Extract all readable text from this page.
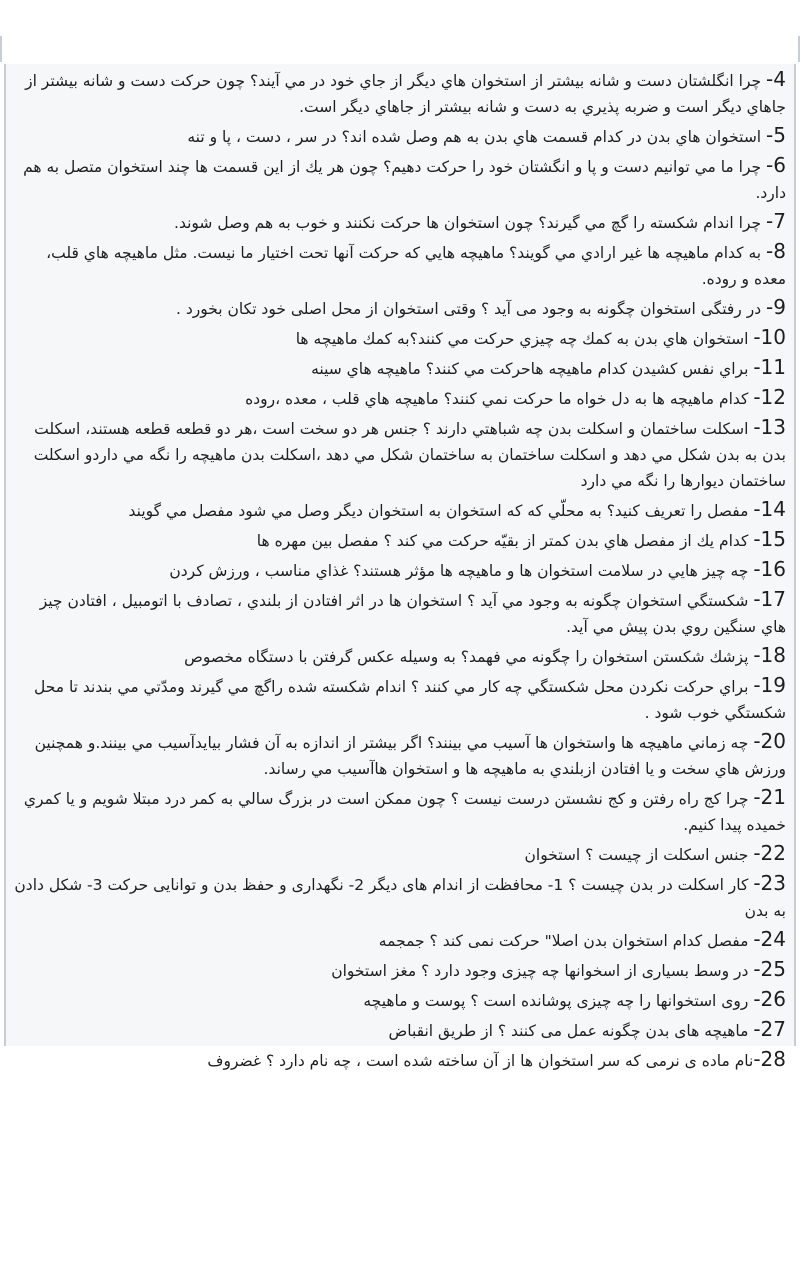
4- چرا انگلشتان دست و شانه بيشتر از استخوان هاي ديگر از جاي خود در مي آيند؟ چون حركت دست و شانه بيشتر از جاهاي ديگر است و ضربه پذيري به دست و شانه بيشتر از جاهاي ديگر است.

5- استخوان هاي بدن در كدام قسمت هاي بدن به هم وصل شده اند؟ در سر ، دست ، پا و تنه

6- چرا ما مي توانيم دست و پا و انگشتان خود را حركت دهيم؟ چون هر يك از اين قسمت ها چند استخوان متصل به هم دارد.

7- چرا اندام شكسته را گچ مي گيرند؟ چون استخوان ها حركت نكنند و خوب به هم وصل شوند.

8- به كدام ماهيچه ها غير ارادي مي گويند؟ ماهيچه هايي كه حركت آنها تحت اختيار ما نيست. مثل ماهيچه هاي قلب، معده و روده.

9- در رفتگی استخوان چگونه به وجود می آید ؟ وقتی استخوان از محل اصلی خود تکان بخورد .

10- استخوان هاي بدن به كمك چه چيزي حركت مي كنند؟به كمك ماهيچه ها

11- براي نفس كشيدن كدام ماهيچه هاحركت مي كنند؟ ماهيچه هاي سينه

12- كدام ماهيچه ها به دل خواه ما حركت نمي كنند؟ ماهيچه هاي قلب ، معده ،روده

13- اسكلت ساختمان و اسكلت بدن چه شباهتي دارند ؟ جنس هر دو سخت است ،هر دو قطعه قطعه هستند، اسكلت بدن به بدن شكل مي دهد و اسكلت ساختمان به ساختمان شكل مي دهد ،اسكلت بدن ماهيچه را نگه مي داردو اسكلت ساختمان ديوارها را نگه مي دارد

14- مفصل را تعريف كنيد؟ به محلّي كه كه استخوان به استخوان ديگر وصل مي شود مفصل مي گويند

15- كدام يك از مفصل هاي بدن كمتر از بقيّه حركت مي كند ؟ مفصل بين مهره ها

16- چه چيز هايي در سلامت استخوان ها و ماهيچه ها مؤثر هستند؟ غذاي مناسب ، ورزش كردن

17- شكستگي استخوان چگونه به وجود مي آيد ؟ استخوان ها در اثر افتادن از بلندي ، تصادف با اتومبيل ، افتادن چيز هاي سنگين روي بدن پيش مي آيد.

18- پزشك شكستن استخوان را چگونه مي فهمد؟ به وسيله عكس گرفتن با دستگاه مخصوص

19- براي حركت نكردن محل شكستگي چه كار مي كنند ؟ اندام شكسته شده راگچ مي گيرند ومدّتي مي بندند تا محل شكستگي خوب شود .

20- چه زماني ماهيچه ها واستخوان ها آسيب مي بينند؟ اگر بيشتر از اندازه به آن فشار بيايدآسيب مي بينند.و همچنين ورزش هاي سخت و يا افتادن ازبلندي به ماهيچه ها و استخوان هاآسيب مي رساند.

21- چرا كج راه رفتن و كج نشستن درست نيست ؟ چون ممكن است در بزرگ سالي به كمر درد مبتلا شويم و يا كمري خميده پيدا كنيم.

22- جنس اسکلت از چیست ؟ استخوان

23- کار اسکلت در بدن چیست ؟ 1- محافظت از اندام های دیگر 2- نگهداری و حفظ بدن و توانایی حرکت 3- شکل دادن به بدن

24- مفصل کدام استخوان بدن اصلا" حرکت نمی کند ؟ جمجمه

25- در وسط بسیاری از اسخوانها چه چیزی وجود دارد ؟ مغز استخوان

26- روی استخوانها را چه چیزی پوشانده است ؟ پوست و ماهیچه

27- ماهیچه های بدن چگونه عمل می کنند ؟ از طریق انقباض

28-نام ماده ی نرمی که سر استخوان ها از آن ساخته شده است ، چه نام دارد ؟ غضروف
